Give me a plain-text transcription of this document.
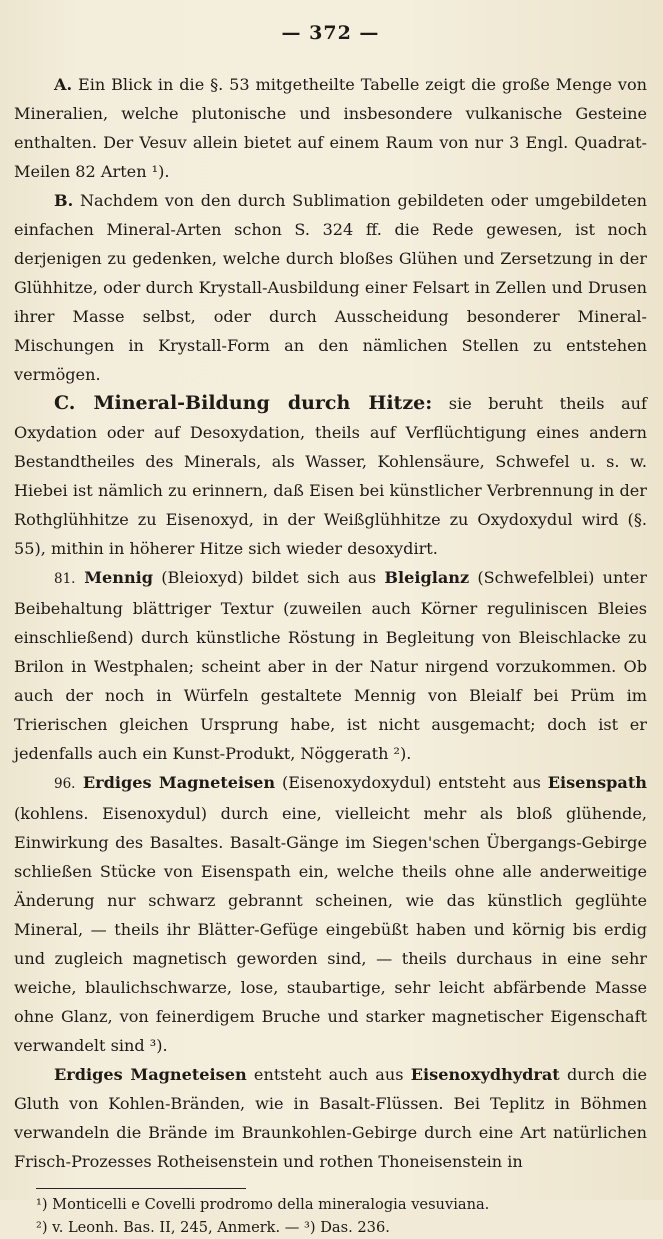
— 372 —

A. Ein Blick in die §. 53 mitgetheilte Tabelle zeigt die große Menge von Mineralien, welche plutonische und insbesondere vulkanische Gesteine enthalten. Der Vesuv allein bietet auf einem Raum von nur 3 Engl. Quadrat-Meilen 82 Arten ¹).

B. Nachdem von den durch Sublimation gebildeten oder umgebildeten einfachen Mineral-Arten schon S. 324 ff. die Rede gewesen, ist noch derjenigen zu gedenken, welche durch bloßes Glühen und Zersetzung in der Glühhitze, oder durch Krystall-Ausbildung einer Felsart in Zellen und Drusen ihrer Masse selbst, oder durch Ausscheidung besonderer Mineral-Mischungen in Krystall-Form an den nämlichen Stellen zu entstehen vermögen.

C. Mineral-Bildung durch Hitze: sie beruht theils auf Oxydation oder auf Desoxydation, theils auf Verflüchtigung eines andern Bestandtheiles des Minerals, als Wasser, Kohlensäure, Schwefel u. s. w. Hiebei ist nämlich zu erinnern, daß Eisen bei künstlicher Verbrennung in der Rothglühhitze zu Eisenoxyd, in der Weißglühhitze zu Oxydoxydul wird (§. 55), mithin in höherer Hitze sich wieder desoxydirt.

81. Mennig (Bleioxyd) bildet sich aus Bleiglanz (Schwefelblei) unter Beibehaltung blättriger Textur (zuweilen auch Körner reguliniscen Bleies einschließend) durch künstliche Röstung in Begleitung von Bleischlacke zu Brilon in Westphalen; scheint aber in der Natur nirgend vorzukommen. Ob auch der noch in Würfeln gestaltete Mennig von Bleialf bei Prüm im Trierischen gleichen Ursprung habe, ist nicht ausgemacht; doch ist er jedenfalls auch ein Kunst-Produkt, Nöggerath ²).

96. Erdiges Magneteisen (Eisenoxydoxydul) entsteht aus Eisenspath (kohlens. Eisenoxydul) durch eine, vielleicht mehr als bloß glühende, Einwirkung des Basaltes. Basalt-Gänge im Siegen'schen Übergangs-Gebirge schließen Stücke von Eisenspath ein, welche theils ohne alle anderweitige Änderung nur schwarz gebrannt scheinen, wie das künstlich geglühte Mineral, — theils ihr Blätter-Gefüge eingebüßt haben und körnig bis erdig und zugleich magnetisch geworden sind, — theils durchaus in eine sehr weiche, blaulichschwarze, lose, staubartige, sehr leicht abfärbende Masse ohne Glanz, von feinerdigem Bruche und starker magnetischer Eigenschaft verwandelt sind ³).

Erdiges Magneteisen entsteht auch aus Eisenoxydhydrat durch die Gluth von Kohlen-Bränden, wie in Basalt-Flüssen. Bei Teplitz in Böhmen verwandeln die Brände im Braunkohlen-Gebirge durch eine Art natürlichen Frisch-Prozesses Rotheisenstein und rothen Thoneisenstein in

¹) Monticelli e Covelli prodromo della mineralogia vesuviana.

²) v. Leonh. Bas. II, 245, Anmerk. — ³) Das. 236.
